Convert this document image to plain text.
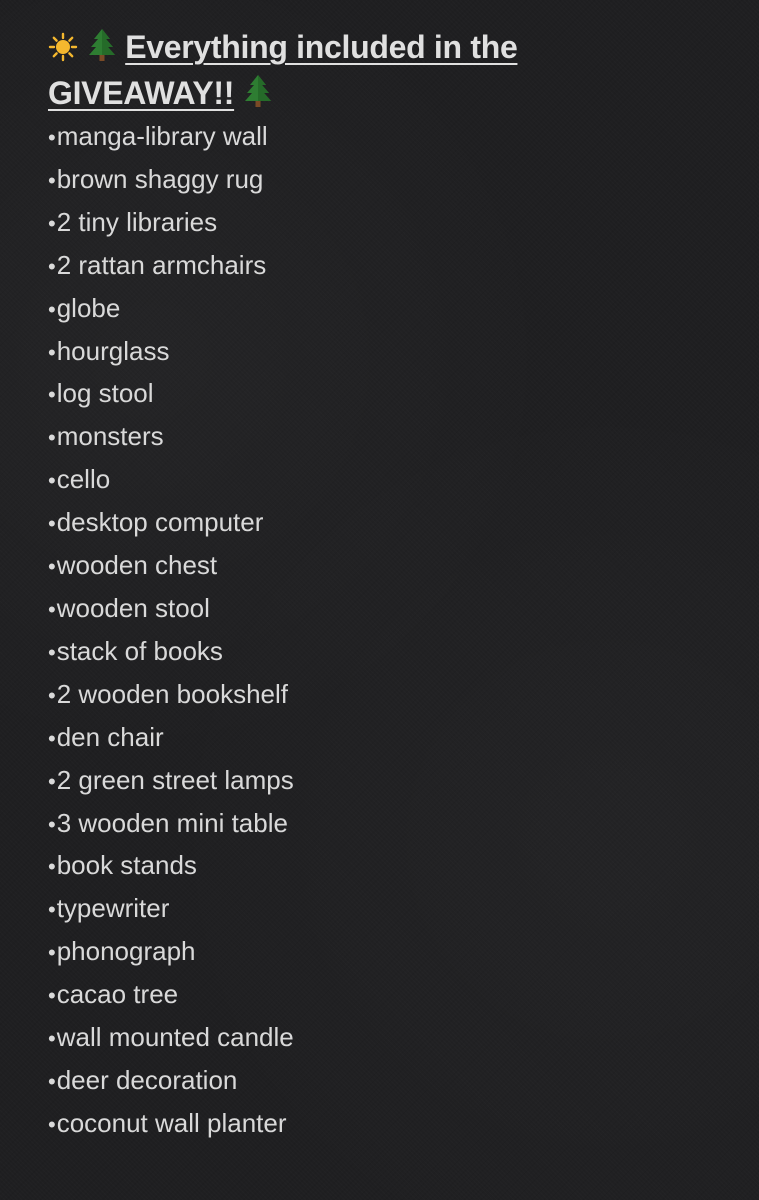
Everything included in the
GIVEAWAY!!
•manga-library wall
•brown shaggy rug
•2 tiny libraries
•2 rattan armchairs
•globe
•hourglass
•log stool
•monsters
•cello
•desktop computer
•wooden chest
•wooden stool
•stack of books
•2 wooden bookshelf
•den chair
•2 green street lamps
•3 wooden mini table
•book stands
•typewriter
•phonograph
•cacao tree
•wall mounted candle
•deer decoration
•coconut wall planter
